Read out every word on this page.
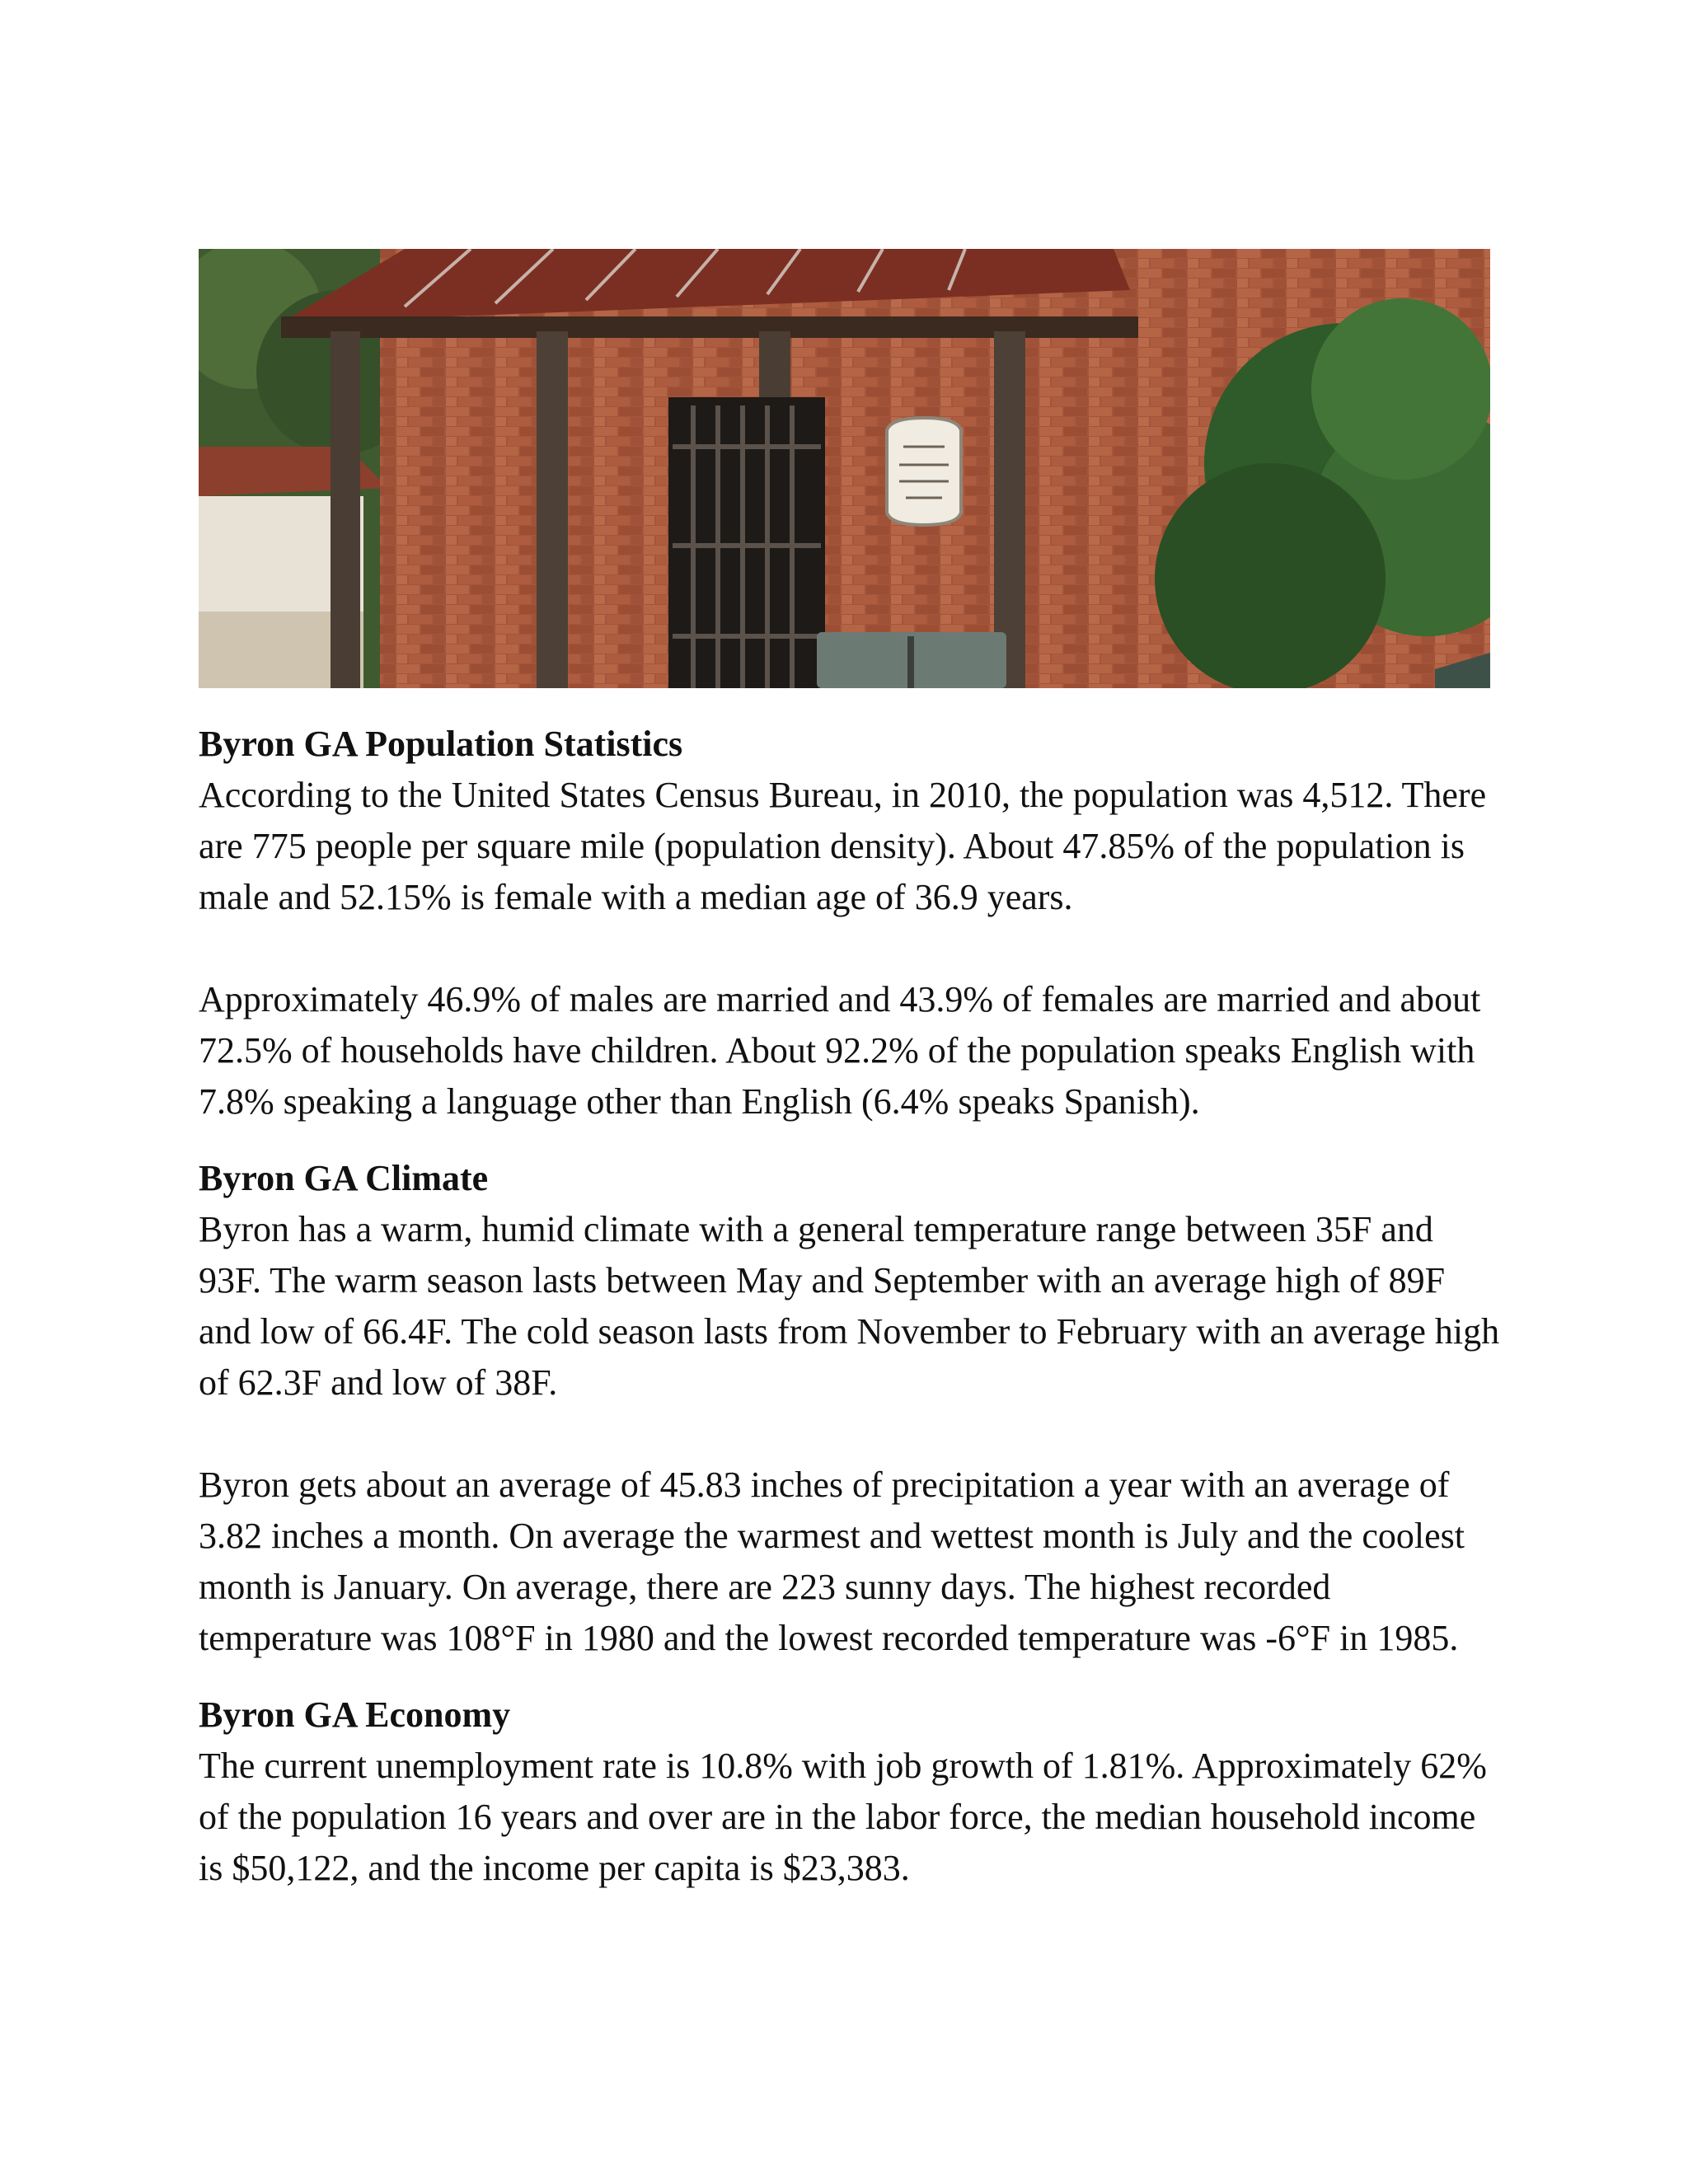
Byron GA Population Statistics

According to the United States Census Bureau, in 2010, the population was 4,512. There are 775 people per square mile (population density). About 47.85% of the population is male and 52.15% is female with a median age of 36.9 years.

Approximately 46.9% of males are married and 43.9% of females are married and about 72.5% of households have children. About 92.2% of the population speaks English with 7.8% speaking a language other than English (6.4% speaks Spanish).

Byron GA Climate

Byron has a warm, humid climate with a general temperature range between 35F and 93F. The warm season lasts between May and September with an average high of 89F and low of 66.4F. The cold season lasts from November to February with an average high of 62.3F and low of 38F.

Byron gets about an average of 45.83 inches of precipitation a year with an average of 3.82 inches a month. On average the warmest and wettest month is July and the coolest month is January. On average, there are 223 sunny days. The highest recorded temperature was 108°F in 1980 and the lowest recorded temperature was -6°F in 1985.

Byron GA Economy

The current unemployment rate is 10.8% with job growth of 1.81%. Approximately 62% of the population 16 years and over are in the labor force, the median household income is $50,122, and the income per capita is $23,383.
